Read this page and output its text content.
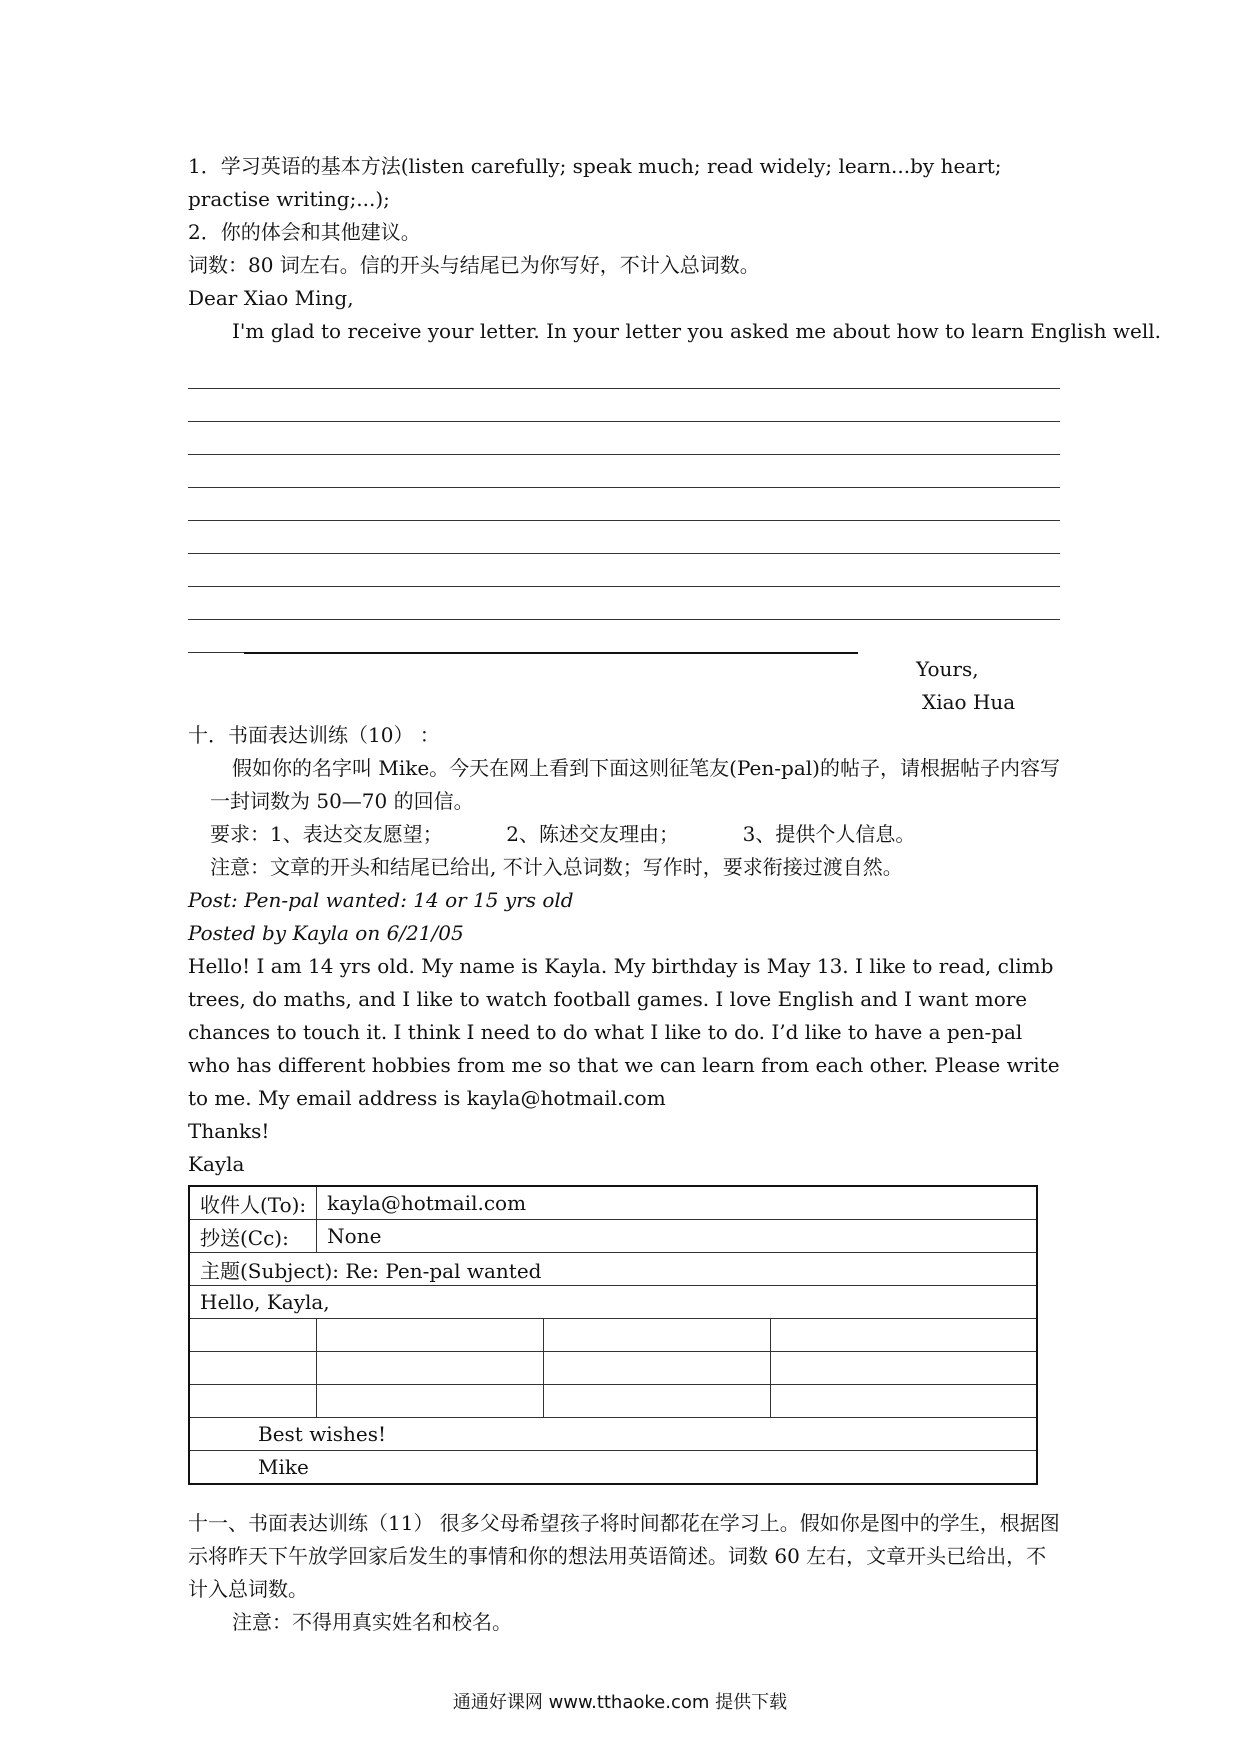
1．学习英语的基本方法(listen carefully; speak much; read widely; learn...by heart; practise writing;...);
2．你的体会和其他建议。
词数：80 词左右。信的开头与结尾已为你写好，不计入总词数。
Dear Xiao Ming,
I'm glad to receive your letter. In your letter you asked me about how to learn English well.
Yours,
Xiao Hua
十．书面表达训练（10） ：
假如你的名字叫 Mike。今天在网上看到下面这则征笔友(Pen-pal)的帖子，请根据帖子内容写一封词数为 50—70 的回信。
要求：1、表达交友愿望；          2、陈述交友理由；          3、提供个人信息。
注意：文章的开头和结尾已给出, 不计入总词数；写作时，要求衔接过渡自然。
Post: Pen-pal wanted: 14 or 15 yrs old
Posted by Kayla on 6/21/05
Hello! I am 14 yrs old. My name is Kayla. My birthday is May 13. I like to read, climb trees, do maths, and I like to watch football games. I love English and I want more chances to touch it. I think I need to do what I like to do. I’d like to have a pen-pal who has different hobbies from me so that we can learn from each other. Please write to me. My email address is kayla@hotmail.com
Thanks!
Kayla
收件人(To):	kayla@hotmail.com		
抄送(Cc):	None		
主题(Subject): Re: Pen-pal wanted			
Hello, Kayla,			

Best wishes!			
Mike			
十一、书面表达训练（11） 很多父母希望孩子将时间都花在学习上。假如你是图中的学生，根据图示将昨天下午放学回家后发生的事情和你的想法用英语简述。词数 60 左右，文章开头已给出，不计入总词数。
注意：不得用真实姓名和校名。
通通好课网 www.tthaoke.com 提供下载
